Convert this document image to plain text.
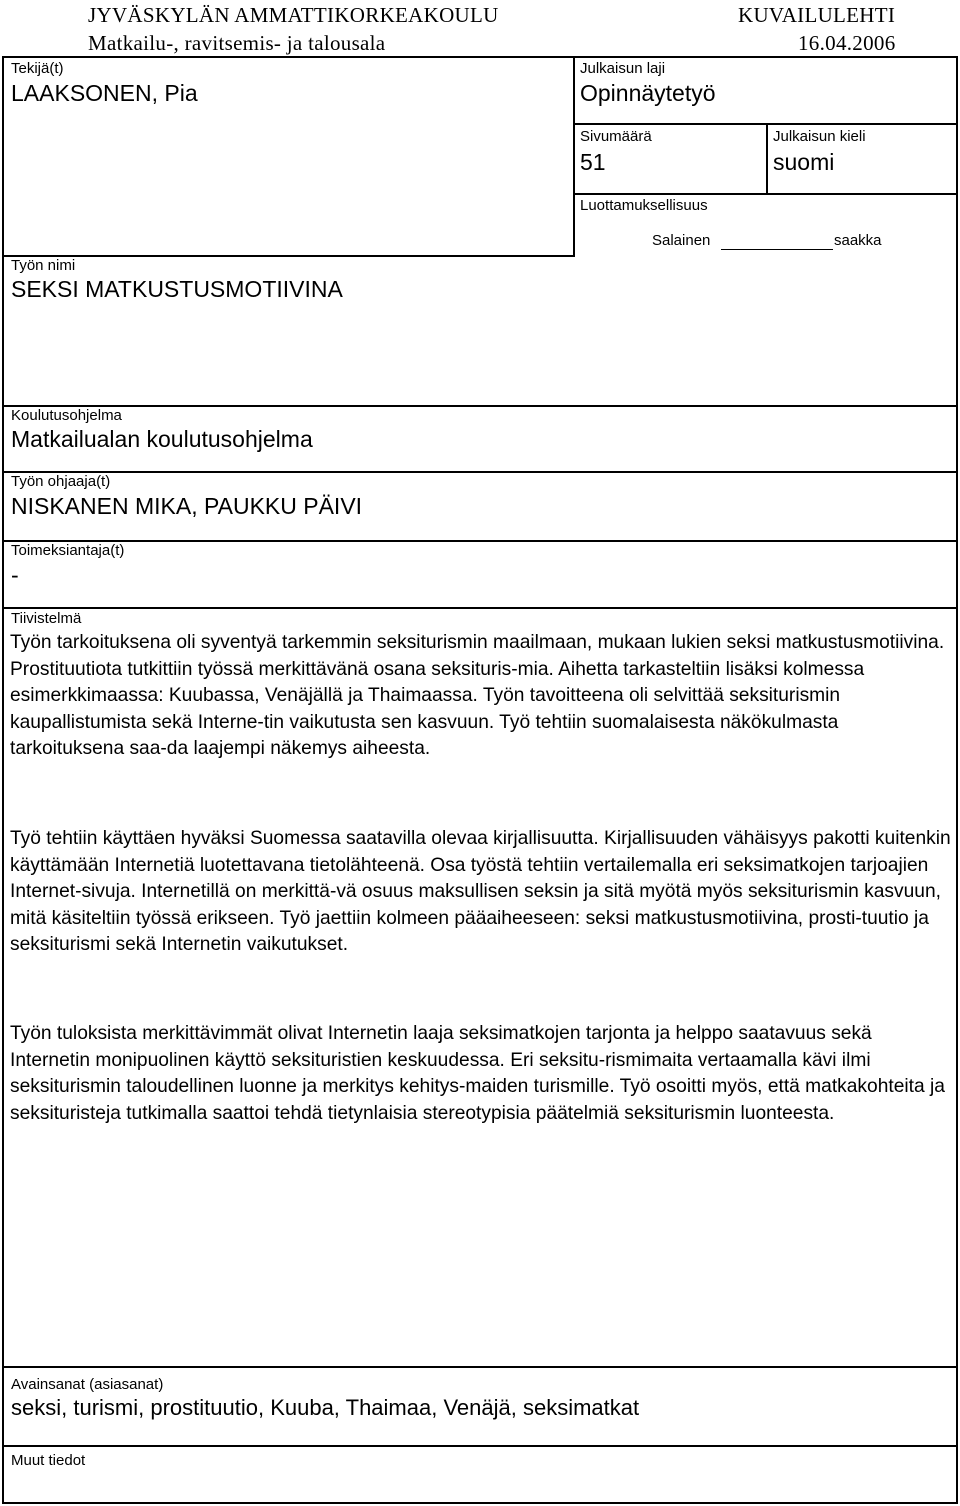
JYVÄSKYLÄN AMMATTIKORKEAKOULU	KUVAILULEHTI
Matkailu-, ravitsemis- ja talousala	16.04.2006
Tekijä(t)
LAAKSONEN, Pia
Julkaisun laji
Opinnäytetyö
Sivumäärä
51
Julkaisun kieli
suomi
Luottamuksellisuus
Salainen	saakka
Työn nimi
SEKSI MATKUSTUSMOTIIVINA
Koulutusohjelma
Matkailualan koulutusohjelma
Työn ohjaaja(t)
NISKANEN MIKA, PAUKKU PÄIVI
Toimeksiantaja(t)
-
Tiivistelmä

Työn tarkoituksena oli syventyä tarkemmin seksiturismin maailmaan, mukaan lukien seksi matkustusmotiivina. Prostituutiota tutkittiin työssä merkittävänä osana seksituris-mia. Aihetta tarkasteltiin lisäksi kolmessa esimerkkimaassa: Kuubassa, Venäjällä ja Thaimaassa. Työn tavoitteena oli selvittää seksiturismin kaupallistumista sekä Interne-tin vaikutusta sen kasvuun. Työ tehtiin suomalaisesta näkökulmasta tarkoituksena saa-da laajempi näkemys aiheesta.

Työ tehtiin käyttäen hyväksi Suomessa saatavilla olevaa kirjallisuutta. Kirjallisuuden vähäisyys pakotti kuitenkin käyttämään Internetiä luotettavana tietolähteenä. Osa työstä tehtiin vertailemalla eri seksimatkojen tarjoajien Internet-sivuja. Internetillä on merkittä-vä osuus maksullisen seksin ja sitä myötä myös seksiturismin kasvuun, mitä käsiteltiin työssä erikseen. Työ jaettiin kolmeen pääaiheeseen: seksi matkustusmotiivina, prosti-tuutio ja seksiturismi sekä Internetin vaikutukset.

Työn tuloksista merkittävimmät olivat Internetin laaja seksimatkojen tarjonta ja helppo saatavuus sekä Internetin monipuolinen käyttö seksituristien keskuudessa. Eri seksitu-rismimaita vertaamalla kävi ilmi seksiturismin taloudellinen luonne ja merkitys kehitys-maiden turismille. Työ osoitti myös, että matkakohteita ja seksituristeja tutkimalla saattoi tehdä tietynlaisia stereotypisia päätelmiä seksiturismin luonteesta.

Avainsanat (asiasanat)
seksi, turismi, prostituutio, Kuuba, Thaimaa, Venäjä, seksimatkat
Muut tiedot
